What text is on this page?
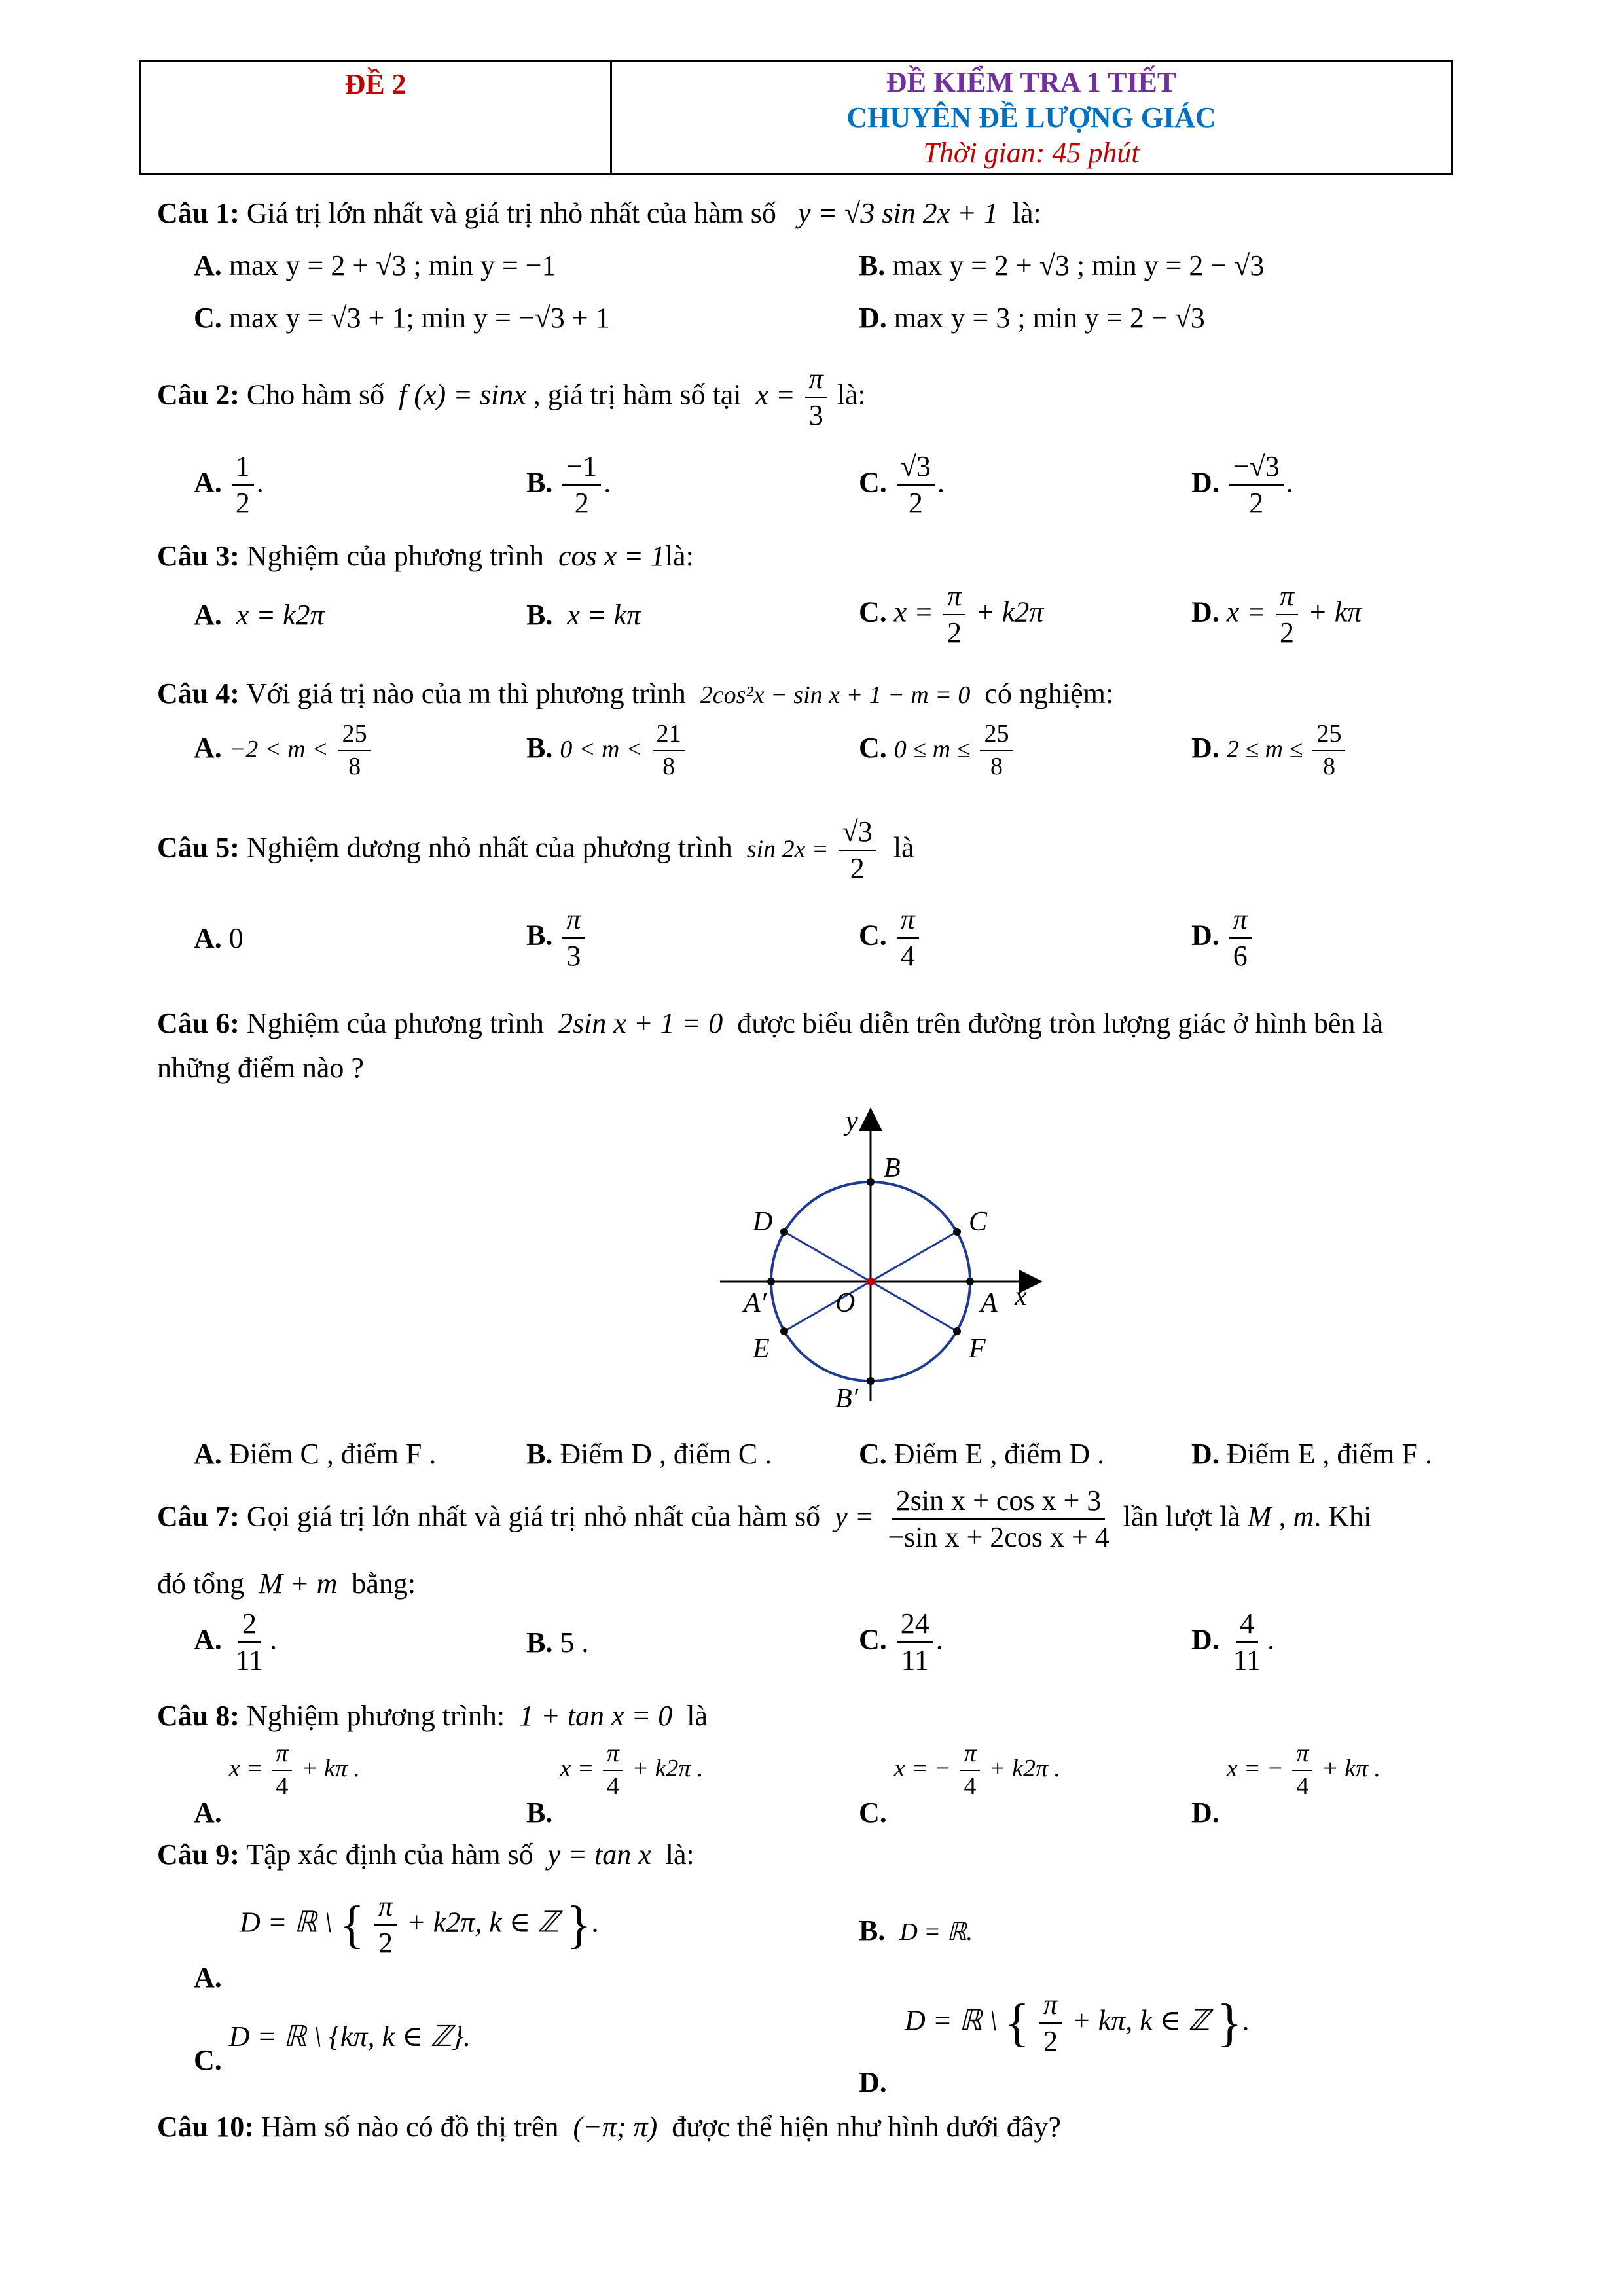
ĐỀ 2	ĐỀ KIỂM TRA 1 TIẾT
CHUYÊN ĐỀ LƯỢNG GIÁC
Thời gian: 45 phút
Câu 1: Giá trị lớn nhất và giá trị nhỏ nhất của hàm số y = √3 sin 2x + 1 là:
A. max y = 2 + √3 ; min y = −1	B. max y = 2 + √3 ; min y = 2 − √3
C. max y = √3 + 1; min y = −√3 + 1	D. max y = 3 ; min y = 2 − √3
Câu 2: Cho hàm số f (x) = sinx , giá trị hàm số tại $x = \frac{\pi}{3}$ là:
A. $\frac{1}{2}$ .	B. $\frac{-1}{2}$ .	C. $\frac{√3}{2}$ .	D. $\frac{-√3}{2}$ .
Câu 3: Nghiệm của phương trình cos x = 1là:
A. x = k2π	B. x = kπ	C. $x = \frac{\pi}{2} + k2\pi$	D. $x = \frac{\pi}{2} + k\pi$
Câu 4: Với giá trị nào của m thì phương trình 2cos²x − sin x + 1 − m = 0 có nghiệm:
A. $-2 < m < \frac{25}{8}$	B. $0 < m < \frac{21}{8}$	C. $0 \le m \le \frac{25}{8}$	D. $2 \le m \le \frac{25}{8}$
Câu 5: Nghiệm dương nhỏ nhất của phương trình $\sin 2x = \frac{√3}{2}$ là
A. 0	B. $\frac{\pi}{3}$	C. $\frac{\pi}{4}$	D. $\frac{\pi}{6}$
Câu 6: Nghiệm của phương trình 2sin x + 1 = 0 được biểu diễn trên đường tròn lượng giác ở hình bên là
những điểm nào ?
y
B
C
D
A′	O	A x
E	F
B′
A. Điểm C , điểm F .	B. Điểm D , điểm C .	C. Điểm E , điểm D .	D. Điểm E , điểm F .
Câu 7: Gọi giá trị lớn nhất và giá trị nhỏ nhất của hàm số $y = \frac{\text{2sin x + cos x + 3}}{\text{−sin x + 2cos x + 4}}$ lần lượt là M , m. Khi
đó tổng M + m bằng:
A. $\frac{2}{11}$ .	B. 5 .	C. $\frac{24}{11}$ .	D. $\frac{4}{11}$ .
Câu 8: Nghiệm phương trình: 1 + tan x = 0 là
A. $x = \frac{\pi}{4} + k\pi$ .
B. $x = \frac{\pi}{4} + k2\pi$ .
C. x = − $\frac{\pi}{4} + k2\pi$ .
D. x = − $\frac{\pi}{4} + k\pi$ .
Câu 9: Tập xác định của hàm số y = tan x là:
D = ℝ \ { $\frac{\pi}{2} + k2\pi$, k ∈ ℤ }.
A.
B. D = ℝ.
C. D = ℝ \ {kπ, k ∈ ℤ}.
D = ℝ \ { $\frac{\pi}{2} + k\pi$, k ∈ ℤ }.
D.
Câu 10: Hàm số nào có đồ thị trên (−π; π) được thể hiện như hình dưới đây?
